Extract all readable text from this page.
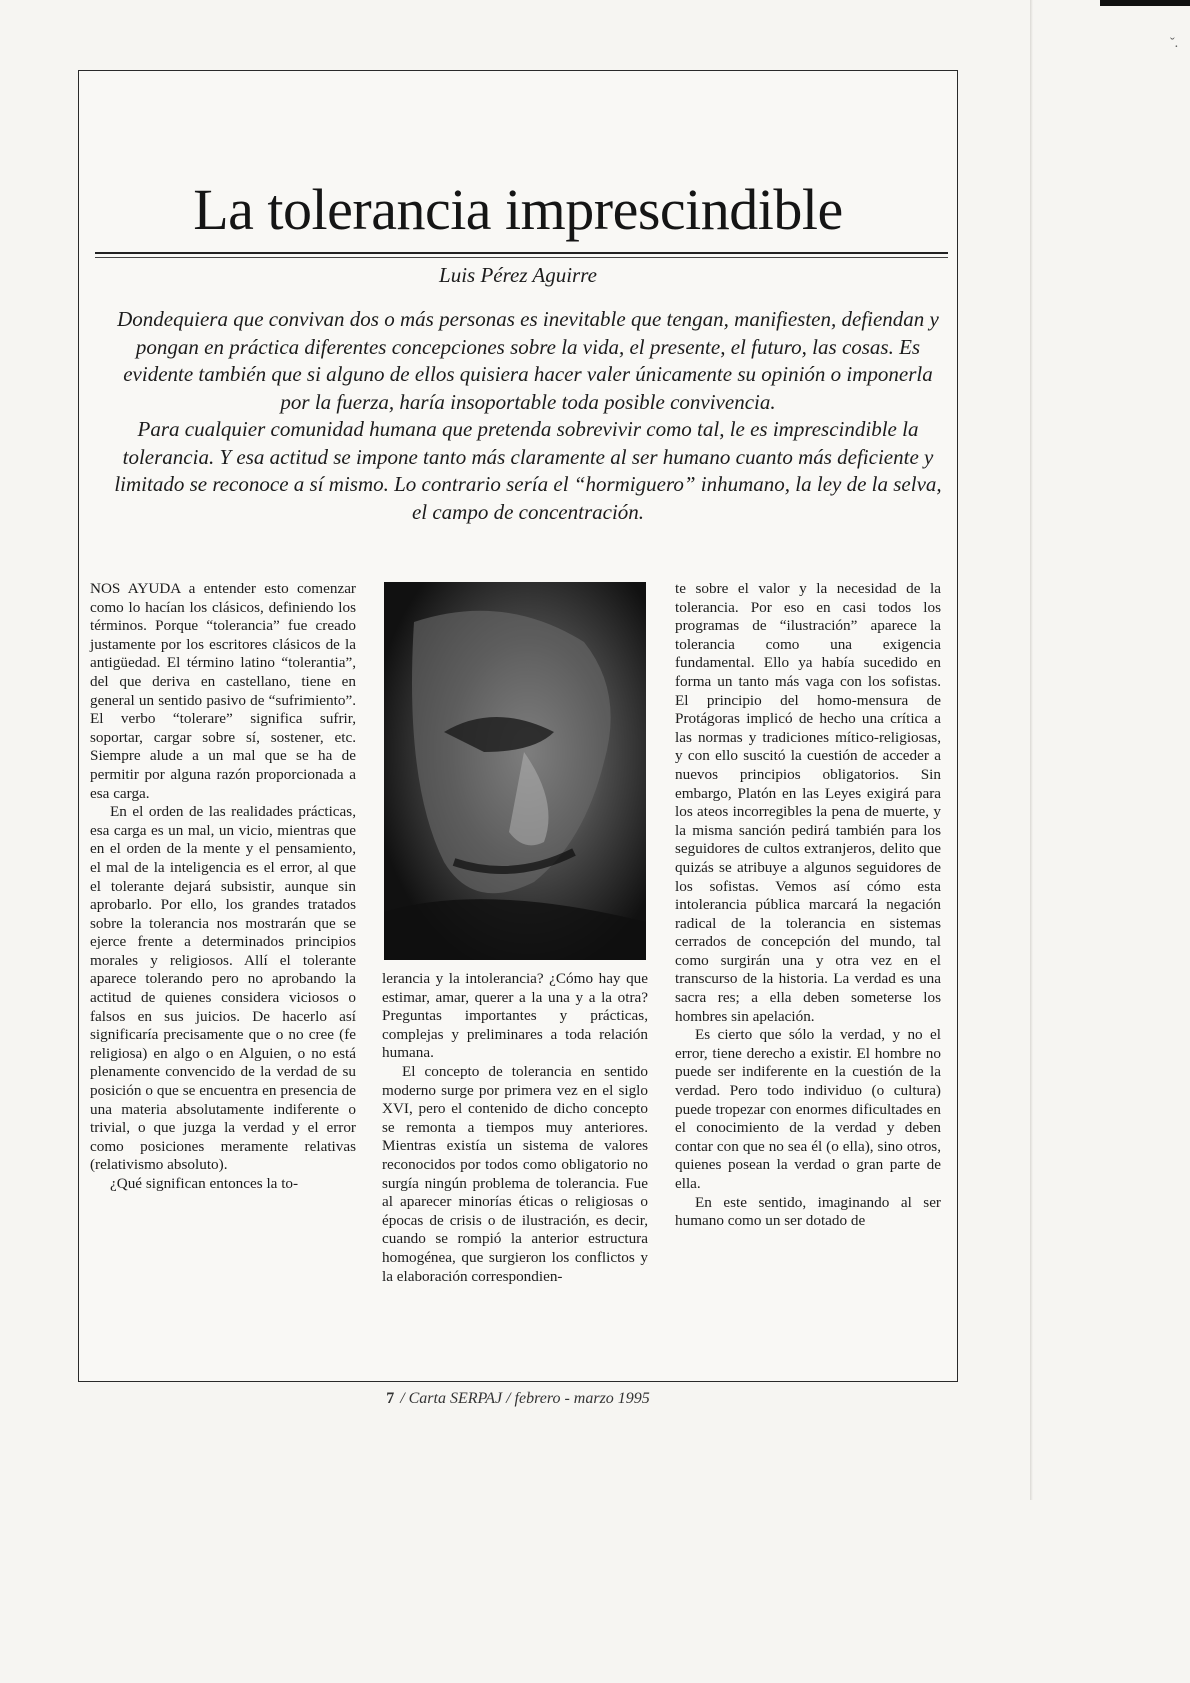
ˇ.
La tolerancia imprescindible

Luis Pérez Aguirre

Dondequiera que convivan dos o más personas es inevitable que tengan, manifiesten, defiendan y pongan en práctica diferentes concepciones sobre la vida, el presente, el futuro, las cosas. Es evidente también que si alguno de ellos quisiera hacer valer únicamente su opinión o imponerla por la fuerza, haría insoportable toda posible convivencia.

Para cualquier comunidad humana que pretenda sobrevivir como tal, le es imprescindible la tolerancia. Y esa actitud se impone tanto más claramente al ser humano cuanto más deficiente y limitado se reconoce a sí mismo. Lo contrario sería el “hormiguero” inhumano, la ley de la selva, el campo de concentración.

NOS AYUDA a entender esto comenzar como lo hacían los clásicos, definiendo los términos. Porque “tolerancia” fue creado justamente por los escritores clásicos de la antigüedad. El término latino “tolerantia”, del que deriva en castellano, tiene en general un sentido pasivo de “sufrimiento”. El verbo “tolerare” significa sufrir, soportar, cargar sobre sí, sostener, etc. Siempre alude a un mal que se ha de permitir por alguna razón proporcionada a esa carga.

En el orden de las realidades prácticas, esa carga es un mal, un vicio, mientras que en el orden de la mente y el pensamiento, el mal de la inteligencia es el error, al que el tolerante dejará subsistir, aunque sin aprobarlo. Por ello, los grandes tratados sobre la tolerancia nos mostrarán que se ejerce frente a determinados principios morales y religiosos. Allí el tolerante aparece tolerando pero no aprobando la actitud de quienes considera viciosos o falsos en sus juicios. De hacerlo así significaría precisamente que o no cree (fe religiosa) en algo o en Alguien, o no está plenamente convencido de la verdad de su posición o que se encuentra en presencia de una materia absolutamente indiferente o trivial, o que juzga la verdad y el error como posiciones meramente relativas (relativismo absoluto).

¿Qué significan entonces la to-

lerancia y la intolerancia? ¿Cómo hay que estimar, amar, querer a la una y a la otra? Preguntas importantes y prácticas, complejas y preliminares a toda relación humana.

El concepto de tolerancia en sentido moderno surge por primera vez en el siglo XVI, pero el contenido de dicho concepto se remonta a tiempos muy anteriores. Mientras existía un sistema de valores reconocidos por todos como obligatorio no surgía ningún problema de tolerancia. Fue al aparecer minorías éticas o religiosas o épocas de crisis o de ilustración, es decir, cuando se rompió la anterior estructura homogénea, que surgieron los conflictos y la elaboración correspondien-

te sobre el valor y la necesidad de la tolerancia. Por eso en casi todos los programas de “ilustración” aparece la tolerancia como una exigencia fundamental. Ello ya había sucedido en forma un tanto más vaga con los sofistas. El principio del homo-mensura de Protágoras implicó de hecho una crítica a las normas y tradiciones mítico-religiosas, y con ello suscitó la cuestión de acceder a nuevos principios obligatorios. Sin embargo, Platón en las Leyes exigirá para los ateos incorregibles la pena de muerte, y la misma sanción pedirá también para los seguidores de cultos extranjeros, delito que quizás se atribuye a algunos seguidores de los sofistas. Vemos así cómo esta intolerancia pública marcará la negación radical de la tolerancia en sistemas cerrados de concepción del mundo, tal como surgirán una y otra vez en el transcurso de la historia. La verdad es una sacra res; a ella deben someterse los hombres sin apelación.

Es cierto que sólo la verdad, y no el error, tiene derecho a existir. El hombre no puede ser indiferente en la cuestión de la verdad. Pero todo individuo (o cultura) puede tropezar con enormes dificultades en el conocimiento de la verdad y deben contar con que no sea él (o ella), sino otros, quienes posean la verdad o gran parte de ella.

En este sentido, imaginando al ser humano como un ser dotado de

7 / Carta SERPAJ / febrero - marzo 1995
